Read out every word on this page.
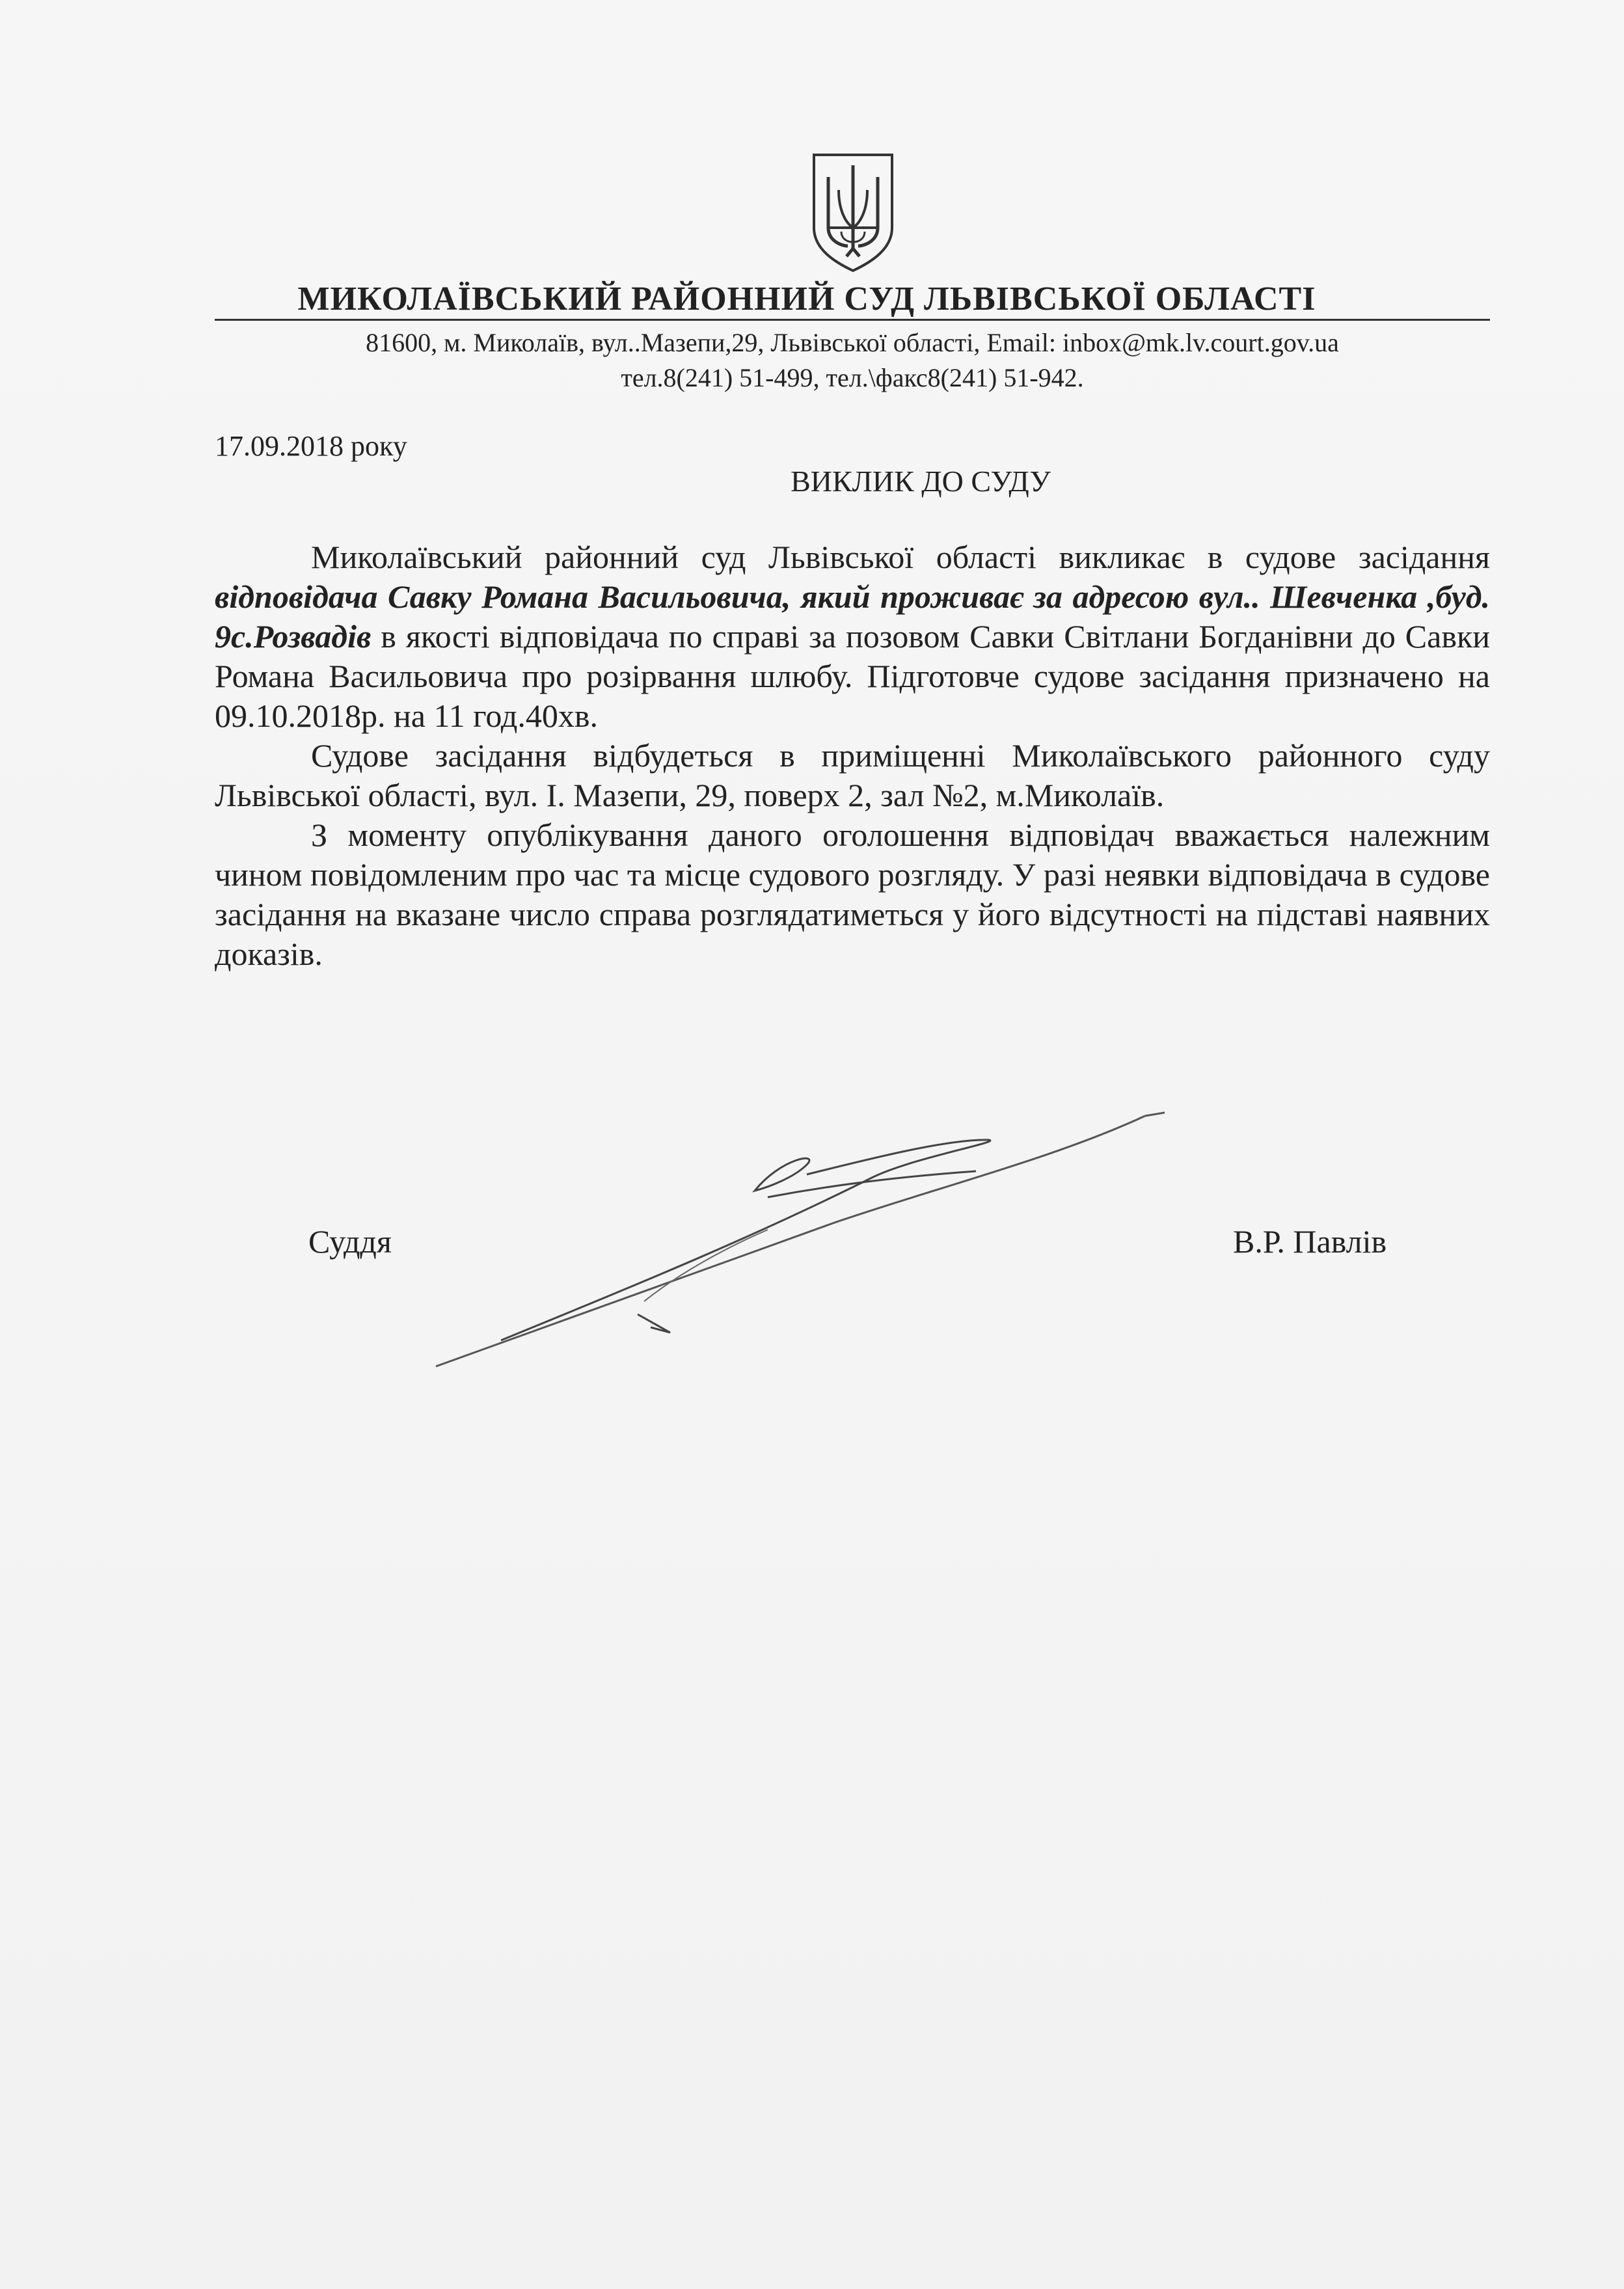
МИКОЛАЇВСЬКИЙ РАЙОННИЙ СУД ЛЬВІВСЬКОЇ ОБЛАСТІ
81600, м. Миколаїв, вул..Мазепи,29, Львівської області, Email: inbox@mk.lv.court.gov.ua
тел.8(241) 51-499, тел.\факс8(241) 51-942.
17.09.2018 року
ВИКЛИК ДО СУДУ

Миколаївський районний суд Львівської області викликає в судове засідання відповідача Савку Романа Васильовича, який проживає за адресою вул.. Шевченка ,буд. 9с.Розвадів в якості відповідача по справі за позовом Савки Світлани Богданівни до Савки Романа Васильовича про розірвання шлюбу. Підготовче судове засідання призначено на 09.10.2018р. на 11 год.40хв.

Судове засідання відбудеться в приміщенні Миколаївського районного суду Львівської області, вул. І. Мазепи, 29, поверх 2, зал №2, м.Миколаїв.

З моменту опублікування даного оголошення відповідач вважається належним чином повідомленим про час та місце судового розгляду. У разі неявки відповідача в судове засідання на вказане число справа розглядатиметься у його відсутності на підставі наявних доказів.

Суддя	В.Р. Павлів
